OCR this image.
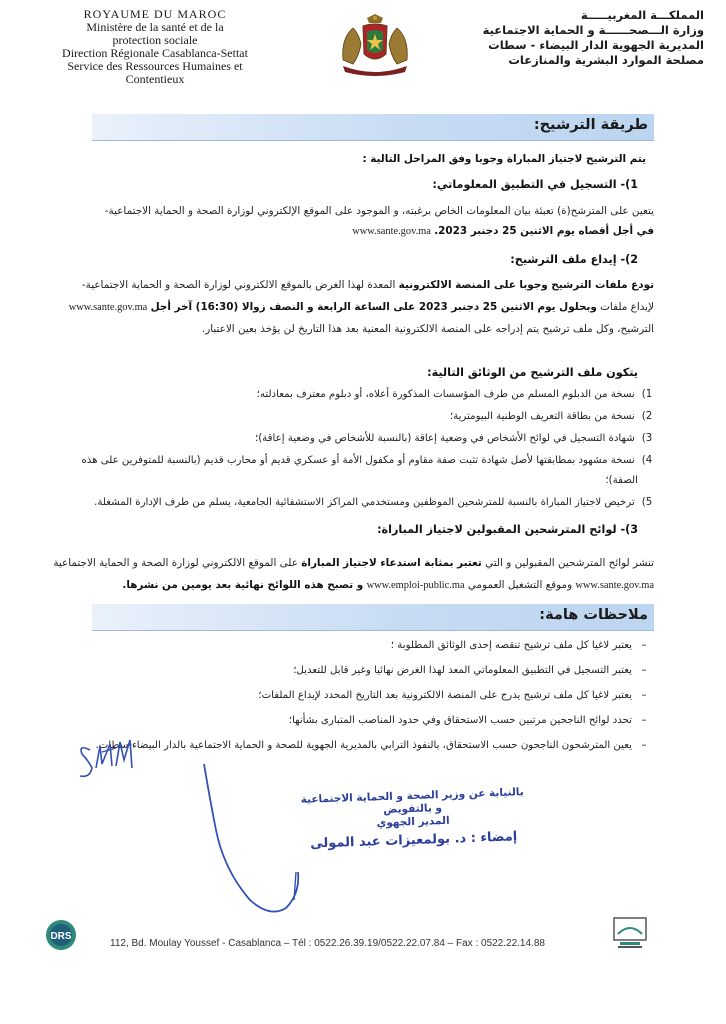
ROYAUME DU MAROC
Ministère de la santé et de la
protection sociale
Direction Régionale Casablanca-Settat
Service des Ressources Humaines et
Contentieux
المملكـــة المغربيـــــة
وزارة الـــصحــــــة و الحماية الاجتماعية
المديرية الجهوية الدار البيضاء - سطات
مصلحة الموارد البشرية والمنازعات
طريقة الترشيح:
يتم الترشيح لاجتياز المباراة وجوبا وفق المراحل التالية :
1)- التسجيل في التطبيق المعلوماتي:
يتعين على المترشح(ة) تعبئة بيان المعلومات الخاص برغبته، و الموجود على الموقع الإلكتروني لوزارة الصحة و الحماية الاجتماعية-
في أجل أقصاه يوم الاثنين 25 دجنبر 2023. www.sante.gov.ma
2)- إيداع ملف الترشيح:
تودع ملفات الترشيح وجوبا على المنصة الالكترونية المعدة لهذا الغرض بالموقع الالكتروني لوزارة الصحة و الحماية الاجتماعية-
لإيداع ملفات وبحلول يوم الاثنين 25 دجنبر 2023 على الساعة الرابعة و النصف زوالا (16:30) آخر أجل www.sante.gov.ma
الترشيح، وكل ملف ترشيح يتم إدراجه على المنصة الالكترونية المعنية بعد هذا التاريخ لن يؤخذ بعين الاعتبار.
يتكون ملف الترشيح من الوثائق التالية:
1) نسخة من الدبلوم المسلم من طرف المؤسسات المذكورة أعلاه، أو دبلوم معترف بمعادلته؛
2) نسخة من بطاقة التعريف الوطنية البيومترية؛
3) شهادة التسجيل في لوائح الأشخاص في وضعية إعاقة (بالنسبة للأشخاص في وضعية إعاقة)؛
4) نسخة مشهود بمطابقتها لأصل شهادة تثبت صفة مقاوم أو مكفول الأمة أو عسكري قديم أو محارب قديم (بالنسبة للمتوفرين على هذه
الصفة)؛
5) ترخيص لاجتياز المباراة بالنسبة للمترشحين الموظفين ومستخدمي المراكز الاستشفائية الجامعية، يسلم من طرف الإدارة المشغلة.
3)- لوائح المترشحين المقبولين لاجتياز المباراة:
تنشر لوائح المترشحين المقبولين و التي تعتبر بمثابة استدعاء لاجتياز المباراة على الموقع الالكتروني لوزارة الصحة و الحماية الاجتماعية
www.sante.gov.ma وموقع التشغيل العمومي www.emploi-public.ma و تصبح هذه اللوائح نهائية بعد يومين من نشرها.
ملاحظات هامة:
–يعتبر لاغيا كل ملف ترشيح تنقصه إحدى الوثائق المطلوبة ؛
–يعتبر التسجيل في التطبيق المعلوماتي المعد لهذا الغرض نهائيا وغير قابل للتعديل؛
–يعتبر لاغيا كل ملف ترشيح يدرج على المنصة الالكترونية بعد التاريخ المحدد لإيداع الملفات؛
–تحدد لوائح الناجحين مرتبين حسب الاستحقاق وفي حدود المناصب المتبارى بشأنها؛
–يعين المترشحون الناجحون حسب الاستحقاق، بالنفوذ الترابي بالمديرية الجهوية للصحة و الحماية الاجتماعية بالدار البيضاء-سطات.
بالنيابة عن وزير الصحة و الحماية الاجتماعية
و بالتفويض
المدير الجهوي
إمضاء : د. بولمعيزات عبد المولى
DRS
112, Bd. Moulay Youssef - Casablanca – Tél : 0522.26.39.19/0522.22.07.84 – Fax : 0522.22.14.88
